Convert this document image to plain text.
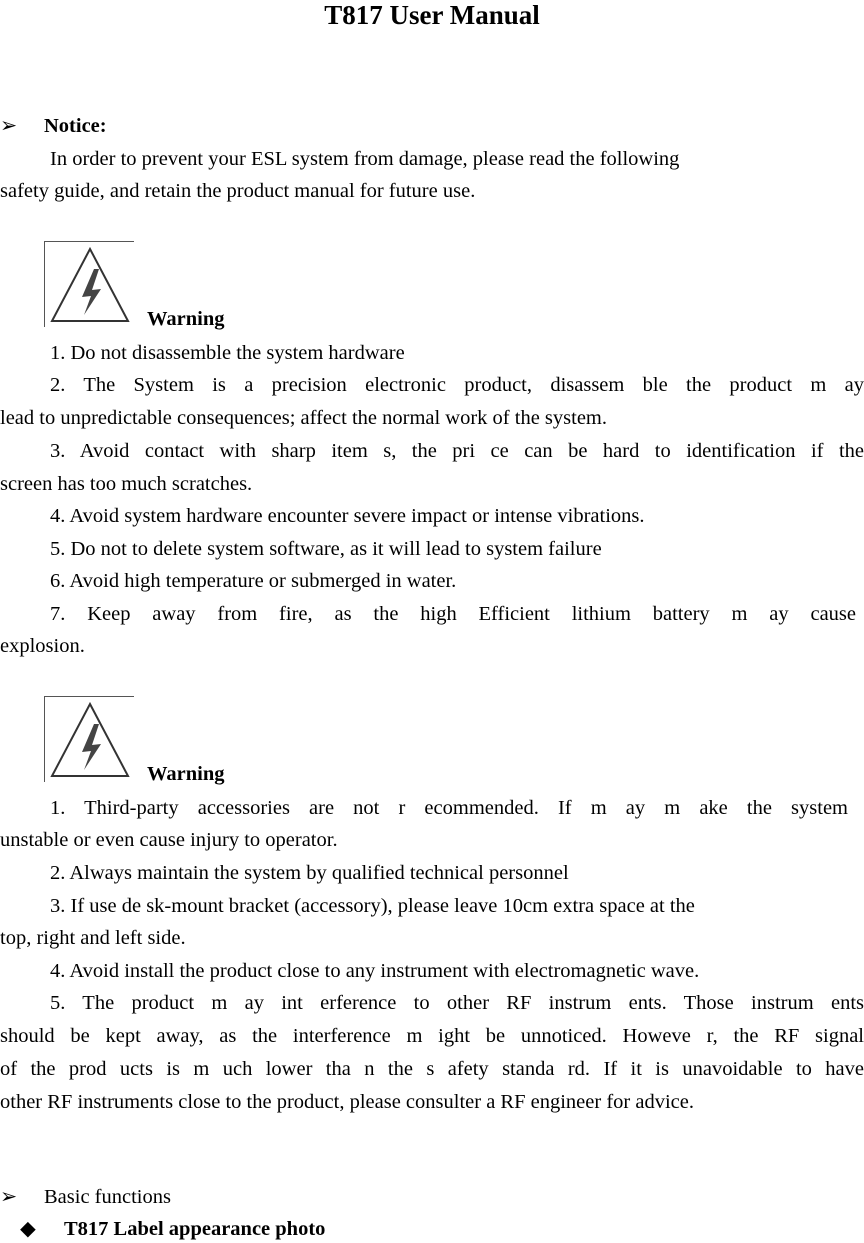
T817 User Manual
➢ Notice:
In order to prevent your ESL system from damage, please read the following
safety guide, and retain the product manual for future use.
Warning
1. Do not disassemble the system hardware
2. The System is a precision electronic product, disassem ble the product m ay
lead to unpredictable consequences; affect the normal work of the system.
3. Avoid contact with sharp item s, the pri ce can be hard to identification if the
screen has too much scratches.
4. Avoid system hardware encounter severe impact or intense vibrations.
5. Do not to delete system software, as it will lead to system failure
6. Avoid high temperature or submerged in water.
7. Keep away from fire, as the high Efficient lithium battery m ay cause
explosion.
Warning
1. Third-party accessories are not r ecommended. If m ay m ake the system
unstable or even cause injury to operator.
2. Always maintain the system by qualified technical personnel
3. If use de sk-mount bracket (accessory), please leave 10cm extra space at the
top, right and left side.
4. Avoid install the product close to any instrument with electromagnetic wave.
5. The product m ay int erference to other RF instrum ents. Those instrum ents
should be kept away, as the interference m ight be unnoticed. Howeve r, the RF signal
of the prod ucts is m uch lower tha n the s afety standa rd. If it is unavoidable to have
other RF instruments close to the product, please consulter a RF engineer for advice.
➢ Basic functions
◆ T817 Label appearance photo
